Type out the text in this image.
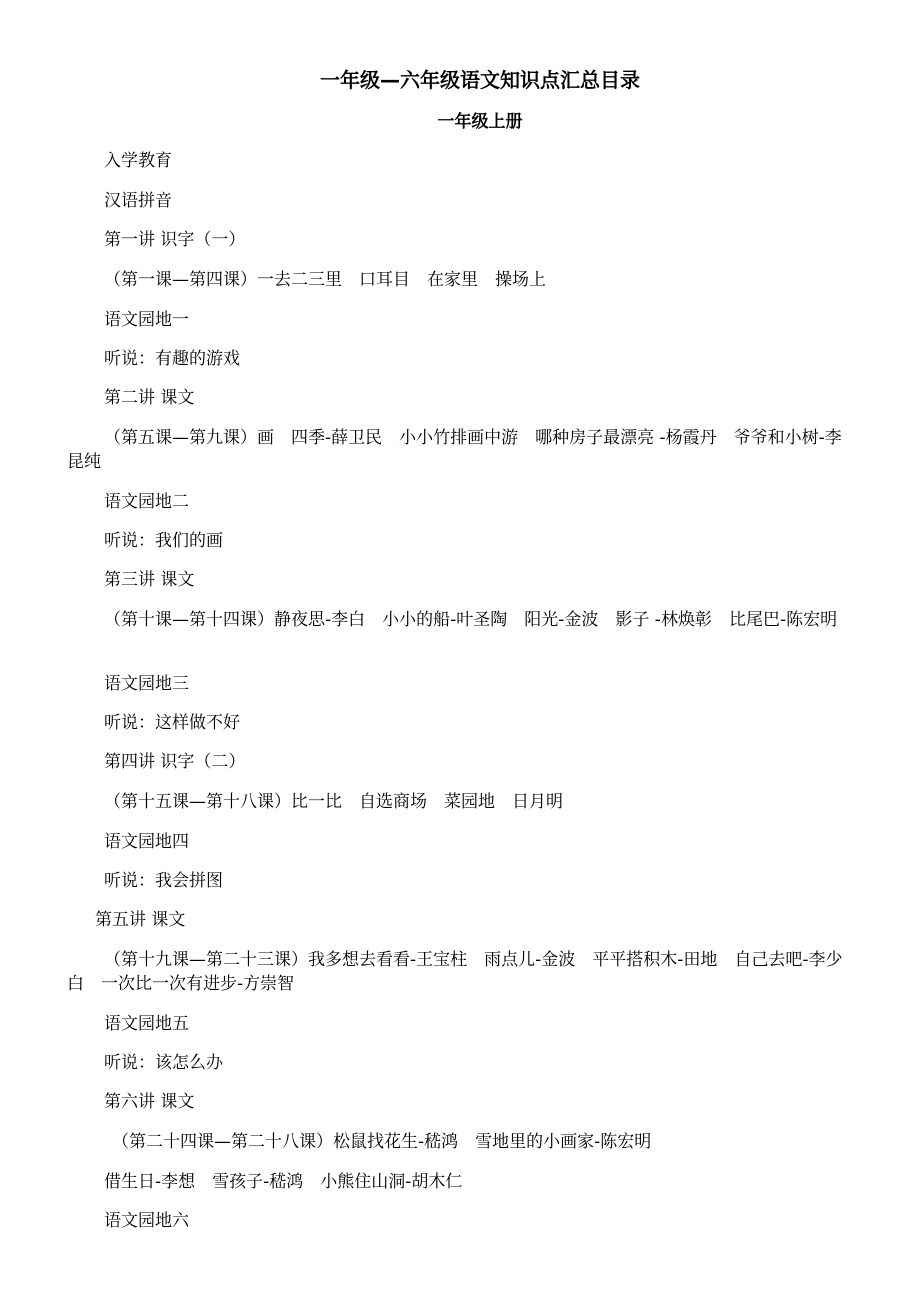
一年级—六年级语文知识点汇总目录
一年级上册
入学教育
汉语拼音
第一讲 识字（一）
（第一课—第四课）一去二三里　口耳目　在家里　操场上
语文园地一
听说：有趣的游戏
第二讲 课文
（第五课—第九课）画　四季-薛卫民　小小竹排画中游　哪种房子最漂亮 -杨霞丹　爷爷和小树-李昆纯
语文园地二
听说：我们的画
第三讲 课文
（第十课—第十四课）静夜思-李白　小小的船-叶圣陶　阳光-金波　影子 -林焕彰　比尾巴-陈宏明
语文园地三
听说：这样做不好
第四讲 识字（二）
（第十五课—第十八课）比一比　自选商场　菜园地　日月明
语文园地四
听说：我会拼图
第五讲 课文
（第十九课—第二十三课）我多想去看看-王宝柱　雨点儿-金波　平平搭积木-田地　自己去吧-李少白　一次比一次有进步-方崇智
语文园地五
听说：该怎么办
第六讲 课文
（第二十四课—第二十八课）松鼠找花生-嵇鸿　雪地里的小画家-陈宏明
借生日-李想　雪孩子-嵇鸿　小熊住山洞-胡木仁
语文园地六
